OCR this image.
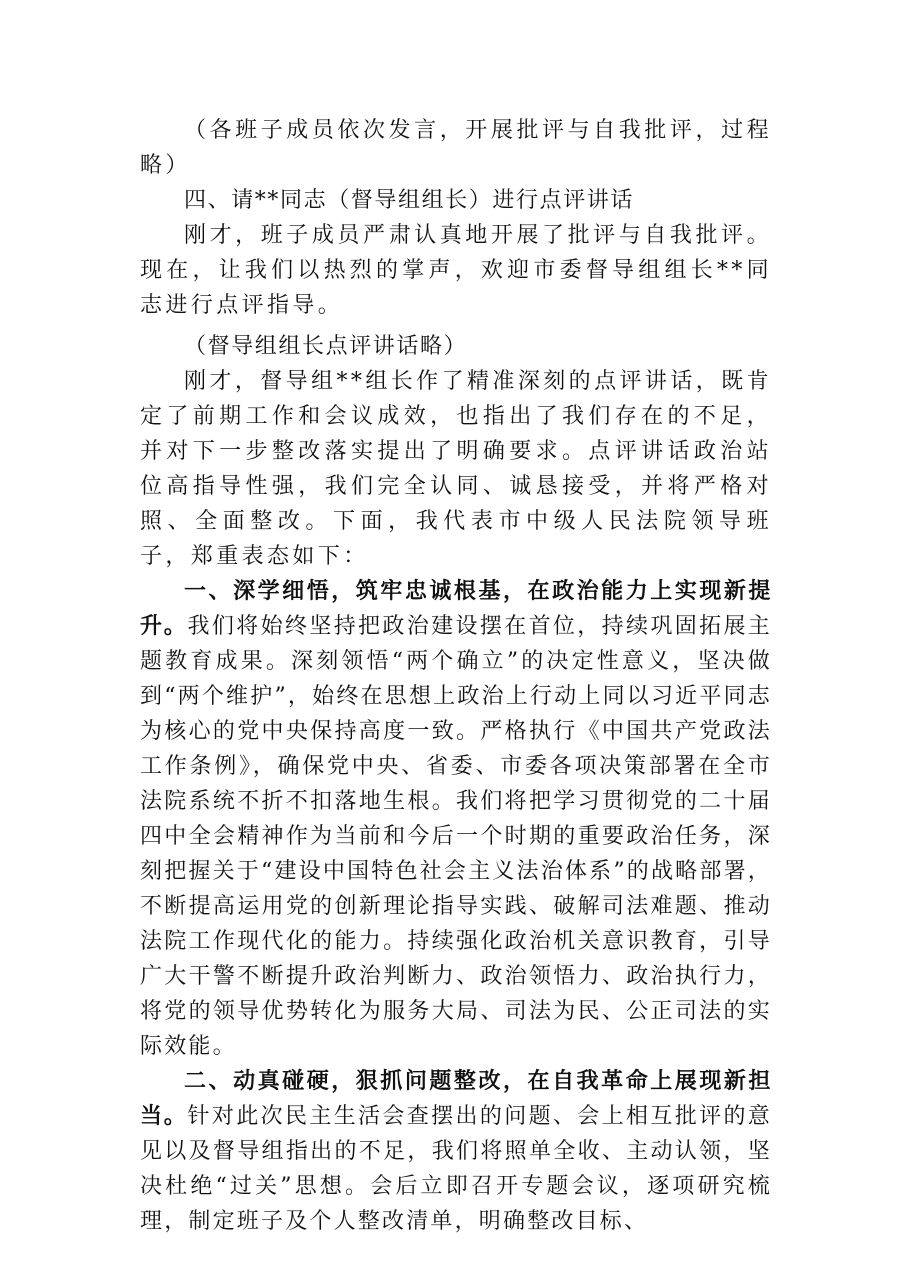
（各班子成员依次发言，开展批评与自我批评，过程略）

四、请**同志（督导组组长）进行点评讲话

刚才，班子成员严肃认真地开展了批评与自我批评。现在，让我们以热烈的掌声，欢迎市委督导组组长**同志进行点评指导。

（督导组组长点评讲话略）

刚才，督导组**组长作了精准深刻的点评讲话，既肯定了前期工作和会议成效，也指出了我们存在的不足，并对下一步整改落实提出了明确要求。点评讲话政治站位高指导性强，我们完全认同、诚恳接受，并将严格对照、全面整改。下面，我代表市中级人民法院领导班子，郑重表态如下：

一、深学细悟，筑牢忠诚根基，在政治能力上实现新提升。我们将始终坚持把政治建设摆在首位，持续巩固拓展主题教育成果。深刻领悟“两个确立”的决定性意义，坚决做到“两个维护”，始终在思想上政治上行动上同以习近平同志为核心的党中央保持高度一致。严格执行《中国共产党政法工作条例》，确保党中央、省委、市委各项决策部署在全市法院系统不折不扣落地生根。我们将把学习贯彻党的二十届四中全会精神作为当前和今后一个时期的重要政治任务，深刻把握关于“建设中国特色社会主义法治体系”的战略部署，不断提高运用党的创新理论指导实践、破解司法难题、推动法院工作现代化的能力。持续强化政治机关意识教育，引导广大干警不断提升政治判断力、政治领悟力、政治执行力，将党的领导优势转化为服务大局、司法为民、公正司法的实际效能。

二、动真碰硬，狠抓问题整改，在自我革命上展现新担当。针对此次民主生活会查摆出的问题、会上相互批评的意见以及督导组指出的不足，我们将照单全收、主动认领，坚决杜绝“过关”思想。会后立即召开专题会议，逐项研究梳理，制定班子及个人整改清单，明确整改目标、
